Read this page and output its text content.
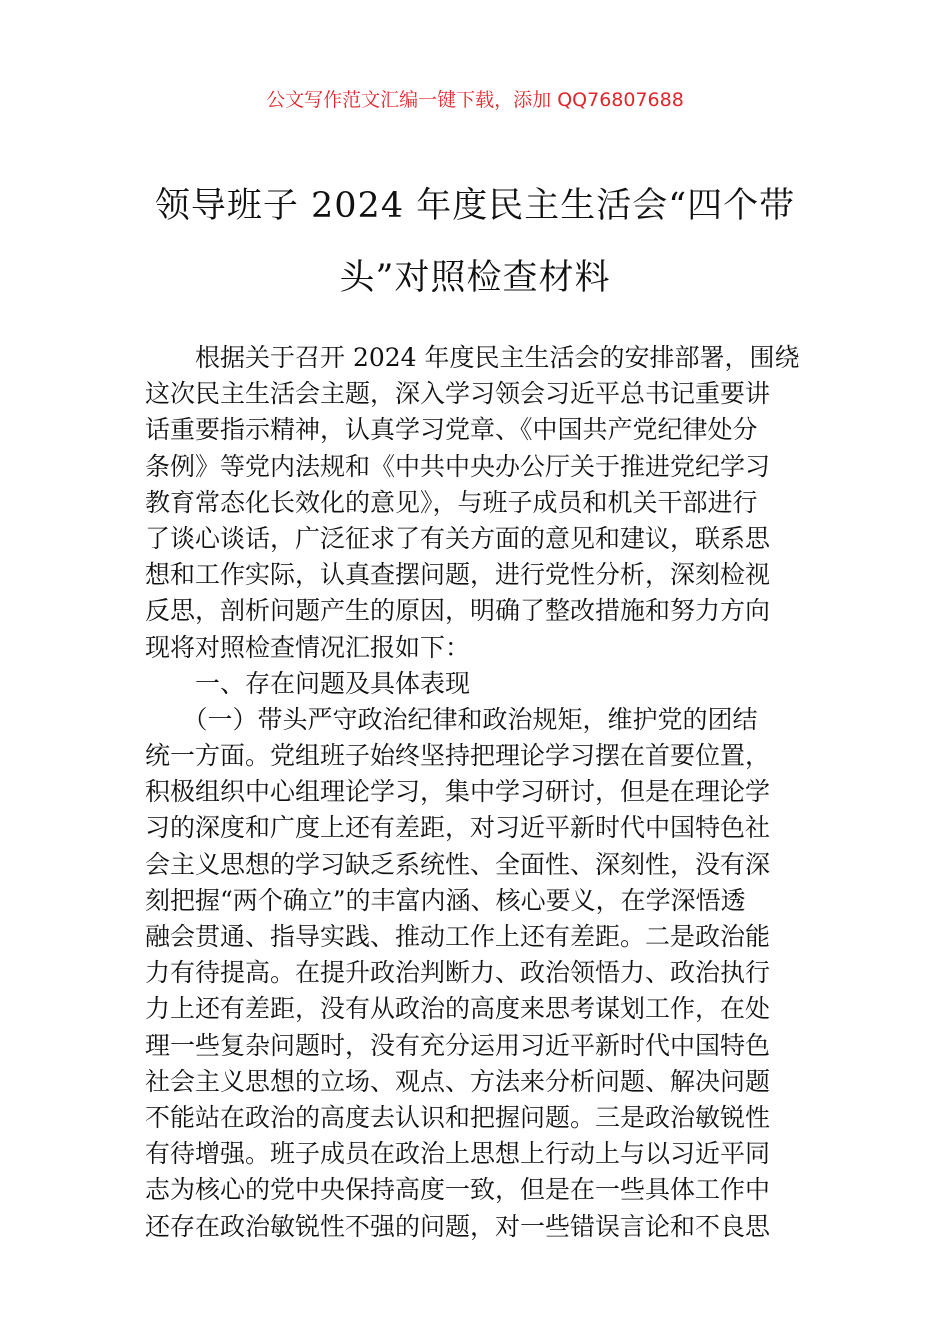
公文写作范文汇编一键下载，添加 QQ76807688
领导班子 2024 年度民主生活会“四个带
头”对照检查材料
　　根据关于召开 2024 年度民主生活会的安排部署，围绕
这次民主生活会主题，深入学习领会习近平总书记重要讲
话重要指示精神，认真学习党章、《中国共产党纪律处分
条例》等党内法规和《中共中央办公厅关于推进党纪学习
教育常态化长效化的意见》，与班子成员和机关干部进行
了谈心谈话，广泛征求了有关方面的意见和建议，联系思
想和工作实际，认真查摆问题，进行党性分析，深刻检视
反思，剖析问题产生的原因，明确了整改措施和努力方向
现将对照检查情况汇报如下：
　　一、存在问题及具体表现
　　（一）带头严守政治纪律和政治规矩，维护党的团结
统一方面。党组班子始终坚持把理论学习摆在首要位置，
积极组织中心组理论学习，集中学习研讨，但是在理论学
习的深度和广度上还有差距，对习近平新时代中国特色社
会主义思想的学习缺乏系统性、全面性、深刻性，没有深
刻把握“两个确立”的丰富内涵、核心要义，在学深悟透
融会贯通、指导实践、推动工作上还有差距。二是政治能
力有待提高。在提升政治判断力、政治领悟力、政治执行
力上还有差距，没有从政治的高度来思考谋划工作，在处
理一些复杂问题时，没有充分运用习近平新时代中国特色
社会主义思想的立场、观点、方法来分析问题、解决问题
不能站在政治的高度去认识和把握问题。三是政治敏锐性
有待增强。班子成员在政治上思想上行动上与以习近平同
志为核心的党中央保持高度一致，但是在一些具体工作中
还存在政治敏锐性不强的问题，对一些错误言论和不良思
